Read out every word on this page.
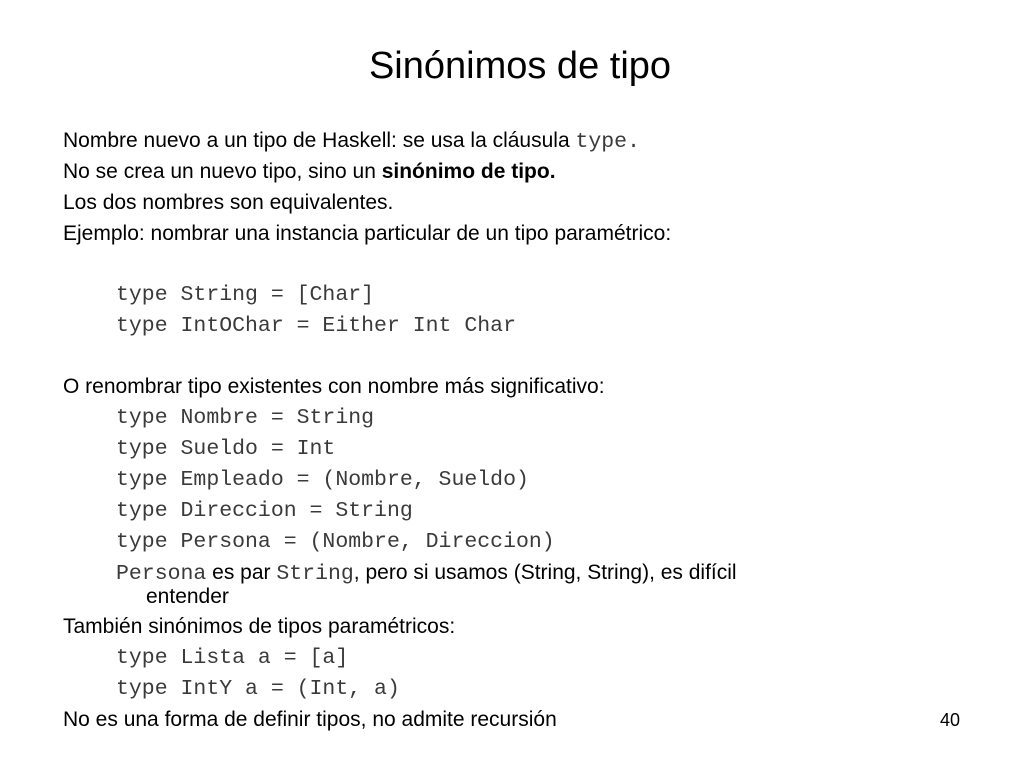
Sinónimos de tipo
Nombre nuevo a un tipo de Haskell: se usa la cláusula type.
No se crea un nuevo tipo, sino un sinónimo de tipo.
Los dos nombres son equivalentes.
Ejemplo: nombrar una instancia particular de un tipo paramétrico:
type String = [Char]
type IntOChar = Either Int Char
O renombrar tipo existentes con nombre más significativo:
type Nombre = String
type Sueldo = Int
type Empleado = (Nombre, Sueldo)
type Direccion = String
type Persona = (Nombre, Direccion)
Persona es par String, pero si usamos (String, String), es difícil
entender
También sinónimos de tipos paramétricos:
type Lista a = [a]
type IntY a = (Int, a)
No es una forma de definir tipos, no admite recursión	40
